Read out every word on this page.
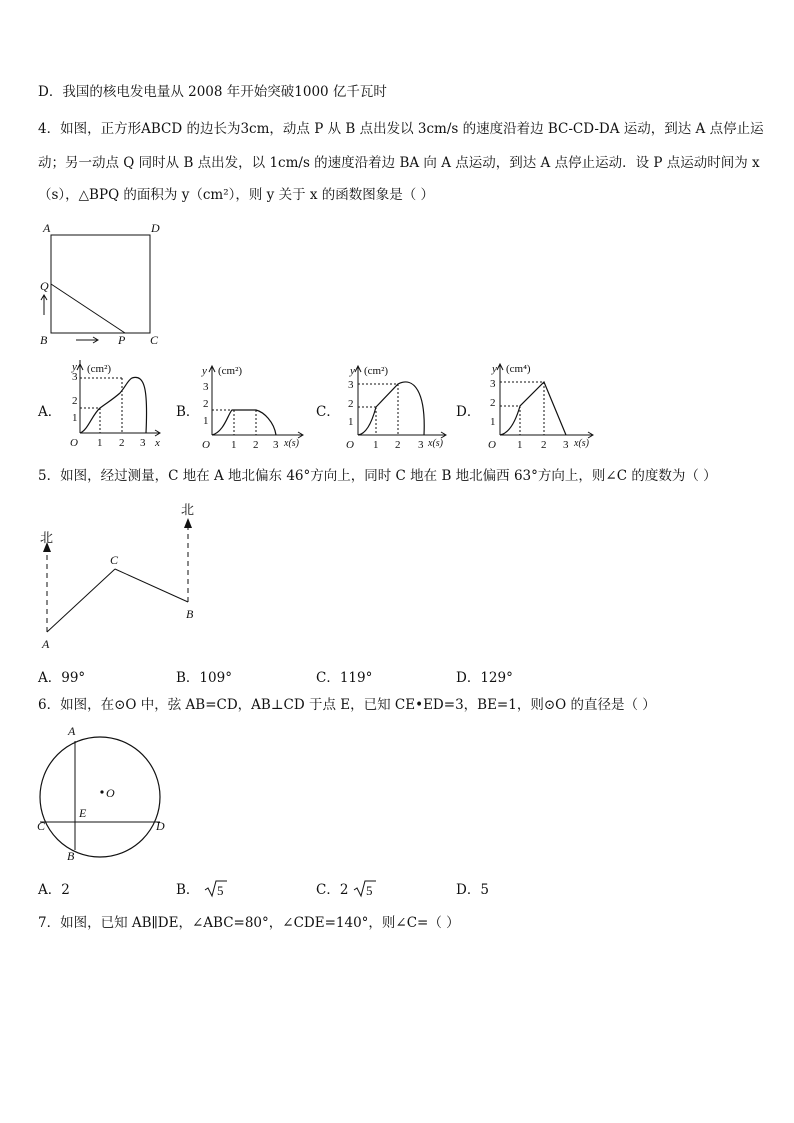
D．我国的核电发电量从 2008 年开始突破1000 亿千瓦时
4．如图，正方形ABCD 的边长为3cm，动点 P 从 B 点出发以 3cm/s 的速度沿着边 BC-CD-DA 运动，到达 A 点停止运
动；另一动点 Q 同时从 B 点出发，以 1cm/s 的速度沿着边 BA 向 A 点运动，到达 A 点停止运动．设 P 点运动时间为 x
（s），△BPQ 的面积为 y（cm²），则 y 关于 x 的函数图象是（ ）
A	D
Q
B	P C
A．
y (cm²)
3
2
1
O 1 2 3 x
B．
y (cm²)
3
2
1
O 1 2 3 x(s)
C．
y (cm²)
3
2
1
O 1 2 3 x(s)
D．
y (cm⁴)
3
2
1
O 1 2 3 x(s)
5．如图，经过测量，C 地在 A 地北偏东 46°方向上，同时 C 地在 B 地北偏西 63°方向上，则∠C 的度数为（ ）
北
北
A
C
B
A．99°	B．109°	C．119°	D．129°
6．如图，在⊙O 中，弦 AB=CD，AB⊥CD 于点 E，已知 CE•ED=3，BE=1，则⊙O 的直径是（ ）
A
B
C	D
E
O
A．2	B． 5	C．2 5	D．5
7．如图，已知 AB∥DE，∠ABC=80°，∠CDE=140°，则∠C=（ ）
